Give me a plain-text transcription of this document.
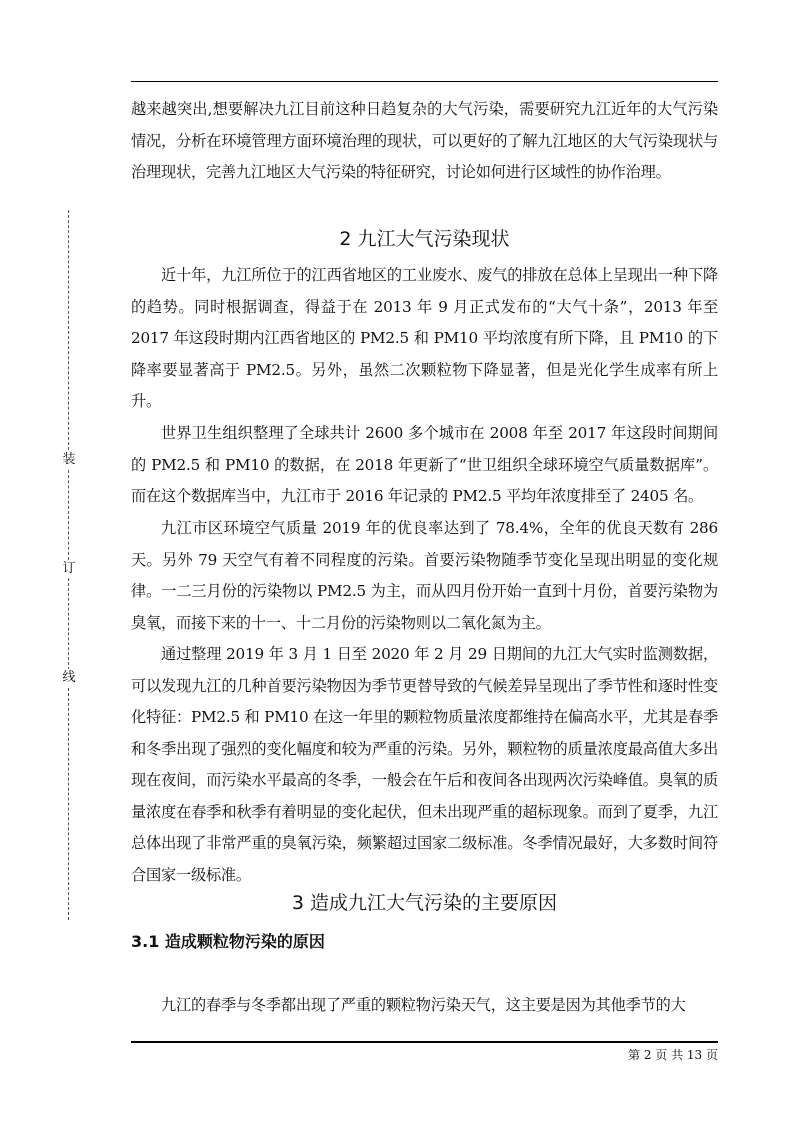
装
订
线

越来越突出,想要解决九江目前这种日趋复杂的大气污染，需要研究九江近年的大气污染情况，分析在环境管理方面环境治理的现状，可以更好的了解九江地区的大气污染现状与治理现状，完善九江地区大气污染的特征研究，讨论如何进行区域性的协作治理。

2 九江大气污染现状

近十年，九江所位于的江西省地区的工业废水、废气的排放在总体上呈现出一种下降的趋势。同时根据调查，得益于在 2013 年 9 月正式发布的“大气十条”，2013 年至 2017 年这段时期内江西省地区的 PM2.5 和 PM10 平均浓度有所下降，且 PM10 的下降率要显著高于 PM2.5。另外，虽然二次颗粒物下降显著，但是光化学生成率有所上升。

世界卫生组织整理了全球共计 2600 多个城市在 2008 年至 2017 年这段时间期间的 PM2.5 和 PM10 的数据，在 2018 年更新了“世卫组织全球环境空气质量数据库”。而在这个数据库当中，九江市于 2016 年记录的 PM2.5 平均年浓度排至了 2405 名。

九江市区环境空气质量 2019 年的优良率达到了 78.4%，全年的优良天数有 286 天。另外 79 天空气有着不同程度的污染。首要污染物随季节变化呈现出明显的变化规律。一二三月份的污染物以 PM2.5 为主，而从四月份开始一直到十月份，首要污染物为臭氧，而接下来的十一、十二月份的污染物则以二氧化氮为主。

通过整理 2019 年 3 月 1 日至 2020 年 2 月 29 日期间的九江大气实时监测数据，可以发现九江的几种首要污染物因为季节更替导致的气候差异呈现出了季节性和逐时性变化特征：PM2.5 和 PM10 在这一年里的颗粒物质量浓度都维持在偏高水平，尤其是春季和冬季出现了强烈的变化幅度和较为严重的污染。另外，颗粒物的质量浓度最高值大多出现在夜间，而污染水平最高的冬季，一般会在午后和夜间各出现两次污染峰值。臭氧的质量浓度在春季和秋季有着明显的变化起伏，但未出现严重的超标现象。而到了夏季，九江总体出现了非常严重的臭氧污染，频繁超过国家二级标准。冬季情况最好，大多数时间符合国家一级标准。

3 造成九江大气污染的主要原因
3.1 造成颗粒物污染的原因

九江的春季与冬季都出现了严重的颗粒物污染天气，这主要是因为其他季节的大

第 2 页 共 13 页
